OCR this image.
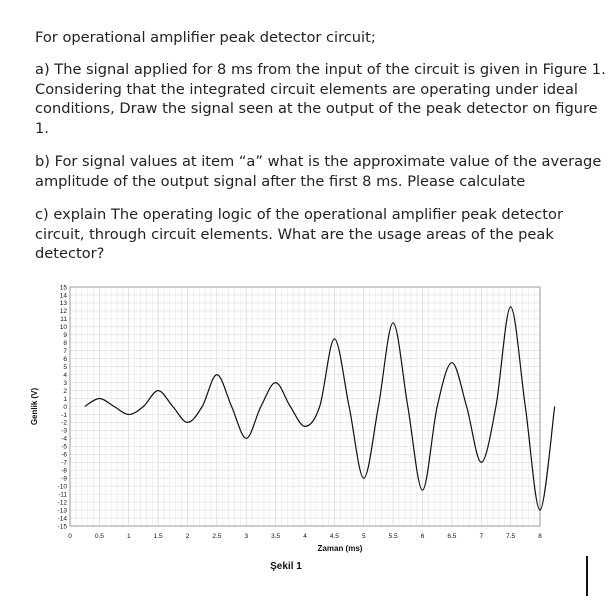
For operational amplifier peak detector circuit;

a) The signal applied for 8 ms from the input of the circuit is given in Figure 1. Considering that the integrated circuit elements are operating under ideal conditions, Draw the signal seen at the output of the peak detector on figure 1.

b) For signal values at item “a” what is the approximate value of the average amplitude of the output signal after the first 8 ms. Please calculate

c) explain The operating logic of the operational amplifier peak detector circuit, through circuit elements. What are the usage areas of the peak detector?

15
14
13
12
11
10
9
8
7
6
5
4
3
2
1
0
-1
-2
-3
-4
-5
-6
-7
-8
-9
-10
-11
-12
-13
-14
-15
0	0.5	1	1.5	2	2.5	3	3.5	4	4.5	5	5.5	6	6.5	7	7.5	8
Genlik (V)
Zaman (ms)
Şekil 1
